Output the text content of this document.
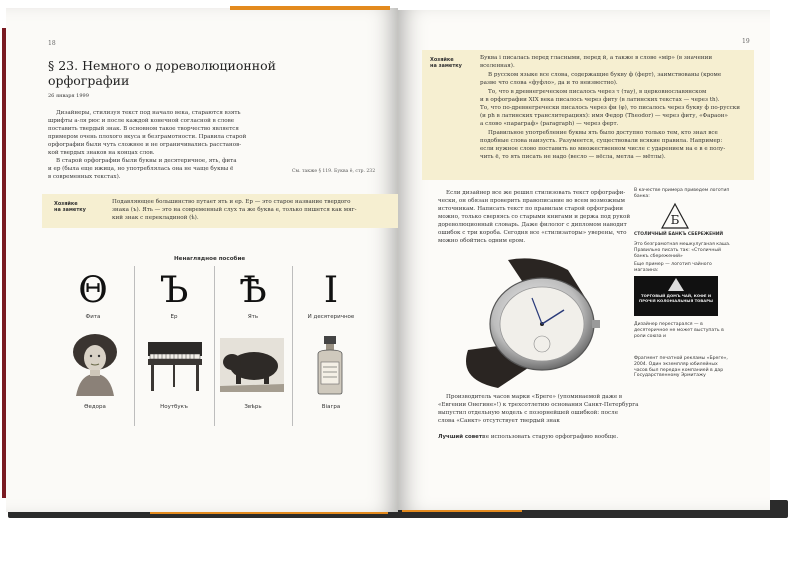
18
§ 23. Немного о дореволюционной
орфографии
26 января 1999
Дизайнеры, стилизуя текст под начало века, стараются взять
шрифты а-ля рюс и после каждой конечной согласной в слове
поставить твердый знак. В основном такое творчество является
примером очень плохого вкуса и безграмотности. Правила старой
орфографии были чуть сложнее и не ограничивались расстанов-
кой твердых знаков на концах слов.
В старой орфографии были буквы и десятеричное, ять, фита
и ер (была еще ижица, но употреблялась она не чаще буквы ё
в современных текстах).
См. также § 119. Буква ё, стр. 232
Хозяйке
на заметку
Подавляющее большинство путает ять и ер. Ер — это старое название твердого
знака (ъ). Ять — это на современный слух та же буква е, только пишется как мяг-
кий знак с перекладиной (ѣ).
Ненаглядное пособие
Θ Ъ	Ѣ	I
Фита	Ер	Ять	И десятеричное
Ѳедора	Ноутбукъ	Звѣрь	Віагра
19
Хозяйке
на заметку
Буква і писалась перед гласными, перед й, а также в слове «мір» (в значении
вселенная).
В русском языке все слова, содержащие букву ф (ферт), заимствованы (кроме
разве что слова «фуфло», да и то неизвестно).
То, что в древнегреческом писалось через τ (тау), в церковнославянском
и в орфографии XIX века писалось через фиту (в латинских текстах — через th).
То, что по-древнегречески писалось через фи (φ), то писалось через букву ф по-русски
(и ph в латинских транслитерациях): имя Федор (Theodor) — через фиту, «Фараон»
а слово «параграф» (paragraph) — через ферт.
Правильное употребление буквы ять было доступно только тем, кто знал все
подобные слова наизусть. Разумеется, существовали всякие правила. Например:
если нужное слово поставить во множественном числе с ударением на е в е полу-
чить ё, то ять писать не надо (весло — вёсла, метла — мётлы).
Если дизайнер все же решил стилизовать текст орфографи-
чески, он обязан проверить правописание во всем возможным
источникам. Написать текст по правилам старой орфографии
можно, только сверяясь со старыми книгами и держа под рукой
дореволюционный словарь. Даже филолог с дипломом наводит
ошибок с три короба. Сегодня все «стилизаторы» уверены, что
можно обойтись одним ером.
В качестве примера приведем логотип банка:
Б
СТОЛИЧНЫЙ БАНКЪ СБЕРЕЖЕНИЙ
Это безграмотная мешкулуганая каша. Правильно писать так: «Столичный банкъ сбережений»
Еще пример — логотип чайного магазина:
ТОРГОВЫЙ ДОМЪ ЧАЙ, КОФЕ И ПРОЧІЯ КОЛОНІАЛЬНЫЯ ТОВАРЫ
Дизайнер перестарался — в десятеричное не может выступать в роли союза и
Фрагмент печатной рекламы «Бреге», 2004. Один экземпляр юбилейных часов был передан компанией в дар Государственному Эрмитажу
Производитель часов марки «Бреге» (упоминаемой даже в
«Евгении Онегине»!) к трехсотлетию основания Санкт-Петербурга
выпустил отдельную модель с позорнейшей ошибкой: после
слова «Санкт» отсутствует твердый знак
Лучший совет:
не использовать старую орфографию вообще.
